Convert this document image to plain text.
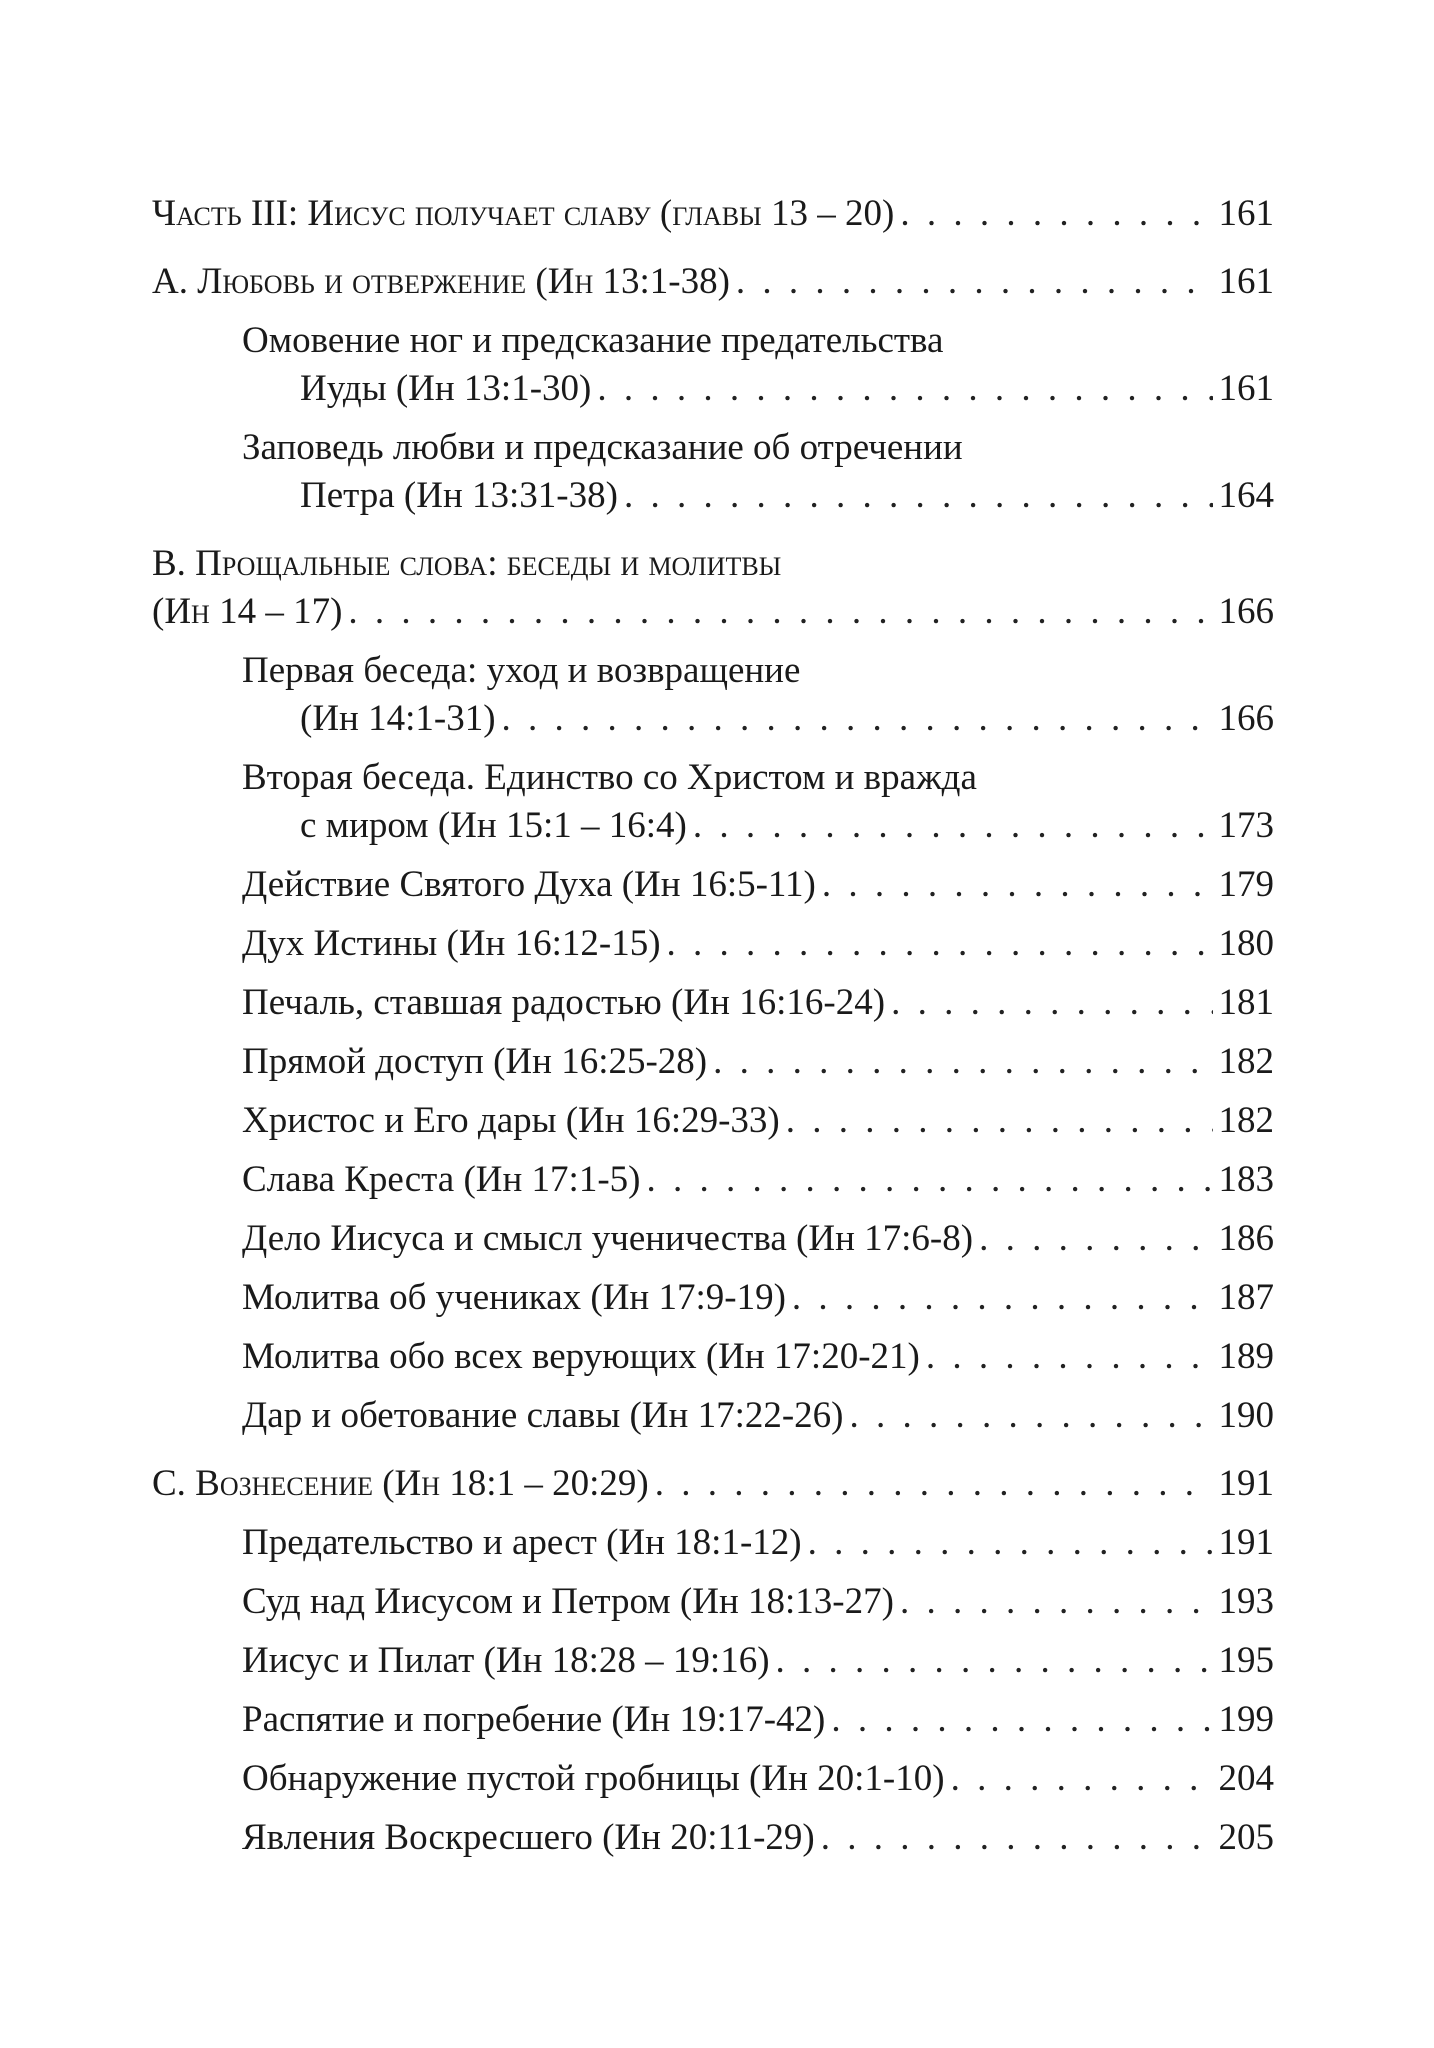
Часть III: Иисус получает славу (главы 13 – 20) . . .	161
A. Любовь и отвержение (Ин 13:1-38) . . .	161
Омовение ног и предсказание предательства
Иуды (Ин 13:1-30) . . .	161
Заповедь любви и предсказание об отречении
Петра (Ин 13:31-38) . . .	164
B. Прощальные слова: беседы и молитвы
(Ин 14 – 17) . . .	166
Первая беседа: уход и возвращение
(Ин 14:1-31) . . .	166
Вторая беседа. Единство со Христом и вражда
с миром (Ин 15:1 – 16:4) . . .	173
Действие Святого Духа (Ин 16:5-11) . . .	179
Дух Истины (Ин 16:12-15) . . .	180
Печаль, ставшая радостью (Ин 16:16-24) . . .	181
Прямой доступ (Ин 16:25-28) . . .	182
Христос и Его дары (Ин 16:29-33) . . .	182
Слава Креста (Ин 17:1-5) . . .	183
Дело Иисуса и смысл ученичества (Ин 17:6-8) . . .	186
Молитва об учениках (Ин 17:9-19) . . .	187
Молитва обо всех верующих (Ин 17:20-21) . . .	189
Дар и обетование славы (Ин 17:22-26) . . .	190
C. Вознесение (Ин 18:1 – 20:29) . . .	191
Предательство и арест (Ин 18:1-12) . . .	191
Суд над Иисусом и Петром (Ин 18:13-27) . . .	193
Иисус и Пилат (Ин 18:28 – 19:16) . . .	195
Распятие и погребение (Ин 19:17-42) . . .	199
Обнаружение пустой гробницы (Ин 20:1-10) . . .	204
Явления Воскресшего (Ин 20:11-29) . . .	205
